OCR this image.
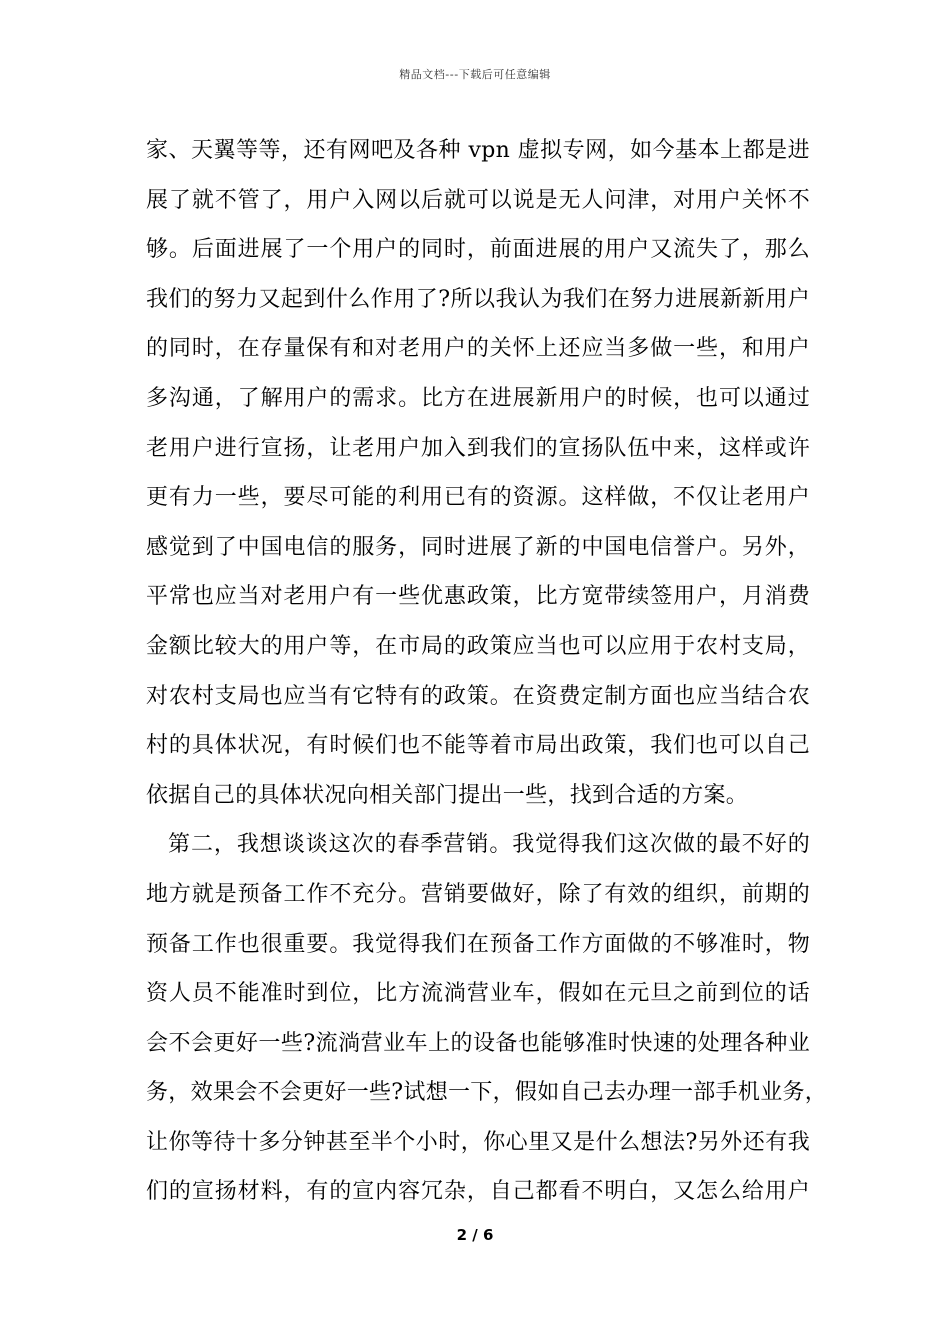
精品文档---下载后可任意编辑
家、天翼等等，还有网吧及各种 vpn 虚拟专网，如今基本上都是进
展了就不管了，用户入网以后就可以说是无人问津，对用户关怀不
够。后面进展了一个用户的同时，前面进展的用户又流失了，那么
我们的努力又起到什么作用了?所以我认为我们在努力进展新新用户
的同时，在存量保有和对老用户的关怀上还应当多做一些，和用户
多沟通，了解用户的需求。比方在进展新用户的时候，也可以通过
老用户进行宣扬，让老用户加入到我们的宣扬队伍中来，这样或许
更有力一些，要尽可能的利用已有的资源。这样做，不仅让老用户
感觉到了中国电信的服务，同时进展了新的中国电信誉户。另外，
平常也应当对老用户有一些优惠政策，比方宽带续签用户，月消费
金额比较大的用户等，在市局的政策应当也可以应用于农村支局，
对农村支局也应当有它特有的政策。在资费定制方面也应当结合农
村的具体状况，有时候们也不能等着市局出政策，我们也可以自己
依据自己的具体状况向相关部门提出一些，找到合适的方案。
第二，我想谈谈这次的春季营销。我觉得我们这次做的最不好的
地方就是预备工作不充分。营销要做好，除了有效的组织，前期的
预备工作也很重要。我觉得我们在预备工作方面做的不够准时，物
资人员不能准时到位，比方流淌营业车，假如在元旦之前到位的话
会不会更好一些?流淌营业车上的设备也能够准时快速的处理各种业
务，效果会不会更好一些?试想一下，假如自己去办理一部手机业务，
让你等待十多分钟甚至半个小时，你心里又是什么想法?另外还有我
们的宣扬材料，有的宣内容冗杂，自己都看不明白，又怎么给用户
2 / 6
